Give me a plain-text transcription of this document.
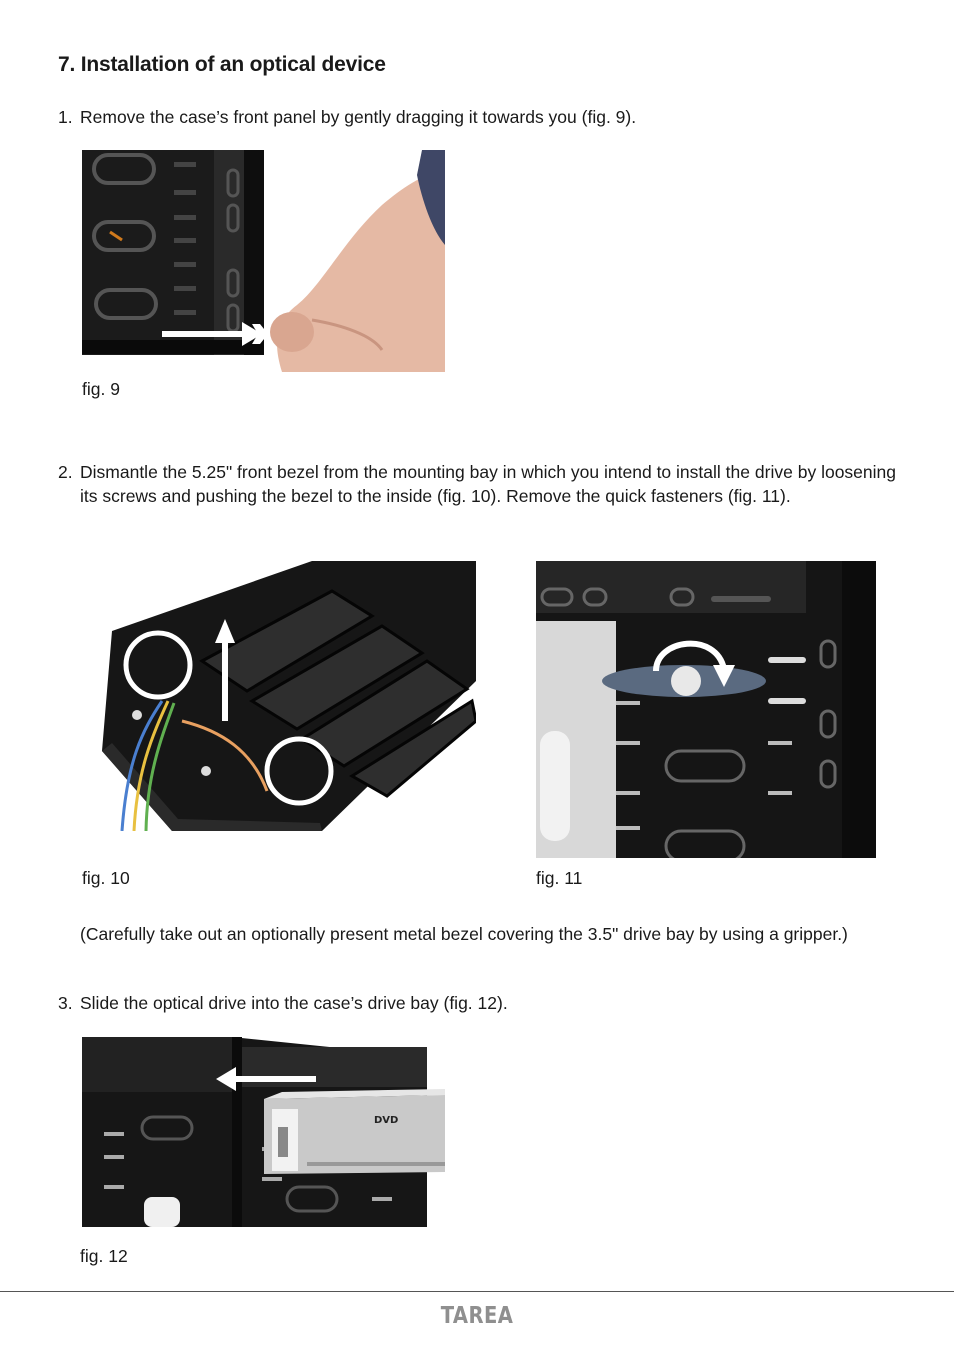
7. Installation of an optical device
1. Remove the case’s front panel by gently dragging it towards you (fig. 9).
fig. 9
2. Dismantle the 5.25" front bezel from the mounting bay in which you intend to install the drive by loosening its screws and pushing the bezel to the inside (fig. 10). Remove the quick fasteners (fig. 11).
fig. 10	fig. 11
(Carefully take out an optionally present metal bezel covering the 3.5" drive bay by using a gripper.)
3. Slide the optical drive into the case’s drive bay (fig. 12).
DVD
fig. 12
TAREA
